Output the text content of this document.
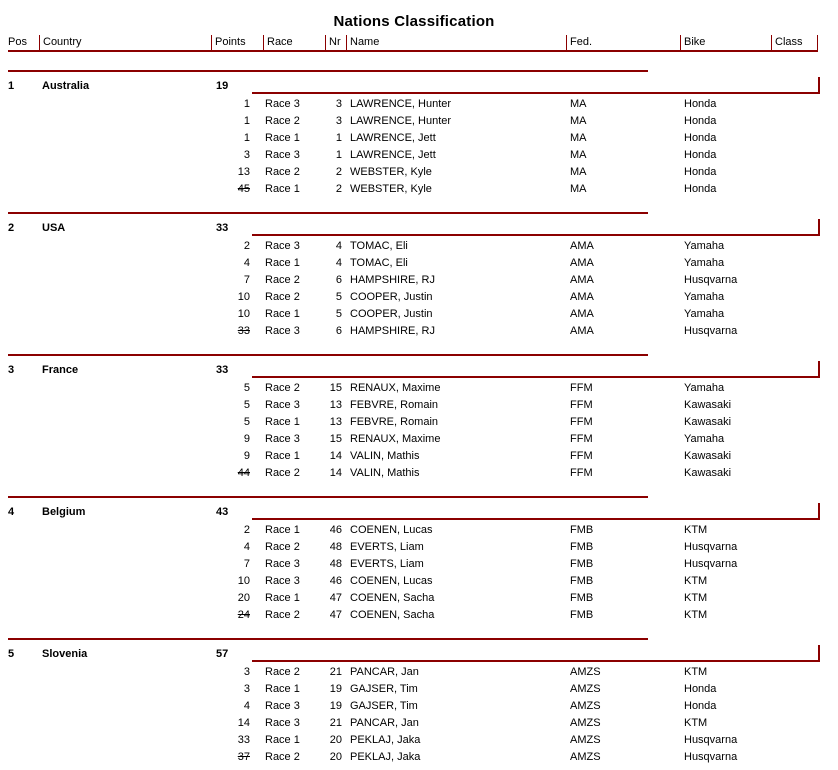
Nations Classification
Pos	Country	Points	Race	Nr Name	Fed.	Bike	Class
1	Australia	19
1 Race 3	3 LAWRENCE, Hunter	MA	Honda
1 Race 2	3 LAWRENCE, Hunter	MA	Honda
1 Race 1	1 LAWRENCE, Jett	MA	Honda
3 Race 3	1 LAWRENCE, Jett	MA	Honda
13 Race 2	2 WEBSTER, Kyle	MA	Honda
45 Race 1	2 WEBSTER, Kyle	MA	Honda
2	USA	33
2 Race 3	4 TOMAC, Eli	AMA	Yamaha
4 Race 1	4 TOMAC, Eli	AMA	Yamaha
7 Race 2	6 HAMPSHIRE, RJ	AMA	Husqvarna
10 Race 2	5 COOPER, Justin	AMA	Yamaha
10 Race 1	5 COOPER, Justin	AMA	Yamaha
33 Race 3	6 HAMPSHIRE, RJ	AMA	Husqvarna
3	France	33
5 Race 2	15 RENAUX, Maxime	FFM	Yamaha
5 Race 3	13 FEBVRE, Romain	FFM	Kawasaki
5 Race 1	13 FEBVRE, Romain	FFM	Kawasaki
9 Race 3	15 RENAUX, Maxime	FFM	Yamaha
9 Race 1	14 VALIN, Mathis	FFM	Kawasaki
44 Race 2	14 VALIN, Mathis	FFM	Kawasaki
4	Belgium	43
2 Race 1	46 COENEN, Lucas	FMB	KTM
4 Race 2	48 EVERTS, Liam	FMB	Husqvarna
7 Race 3	48 EVERTS, Liam	FMB	Husqvarna
10 Race 3	46 COENEN, Lucas	FMB	KTM
20 Race 1	47 COENEN, Sacha	FMB	KTM
24 Race 2	47 COENEN, Sacha	FMB	KTM
5	Slovenia	57
3 Race 2	21 PANCAR, Jan	AMZS	KTM
3 Race 1	19 GAJSER, Tim	AMZS	Honda
4 Race 3	19 GAJSER, Tim	AMZS	Honda
14 Race 3	21 PANCAR, Jan	AMZS	KTM
33 Race 1	20 PEKLAJ, Jaka	AMZS	Husqvarna
37 Race 2	20 PEKLAJ, Jaka	AMZS	Husqvarna
